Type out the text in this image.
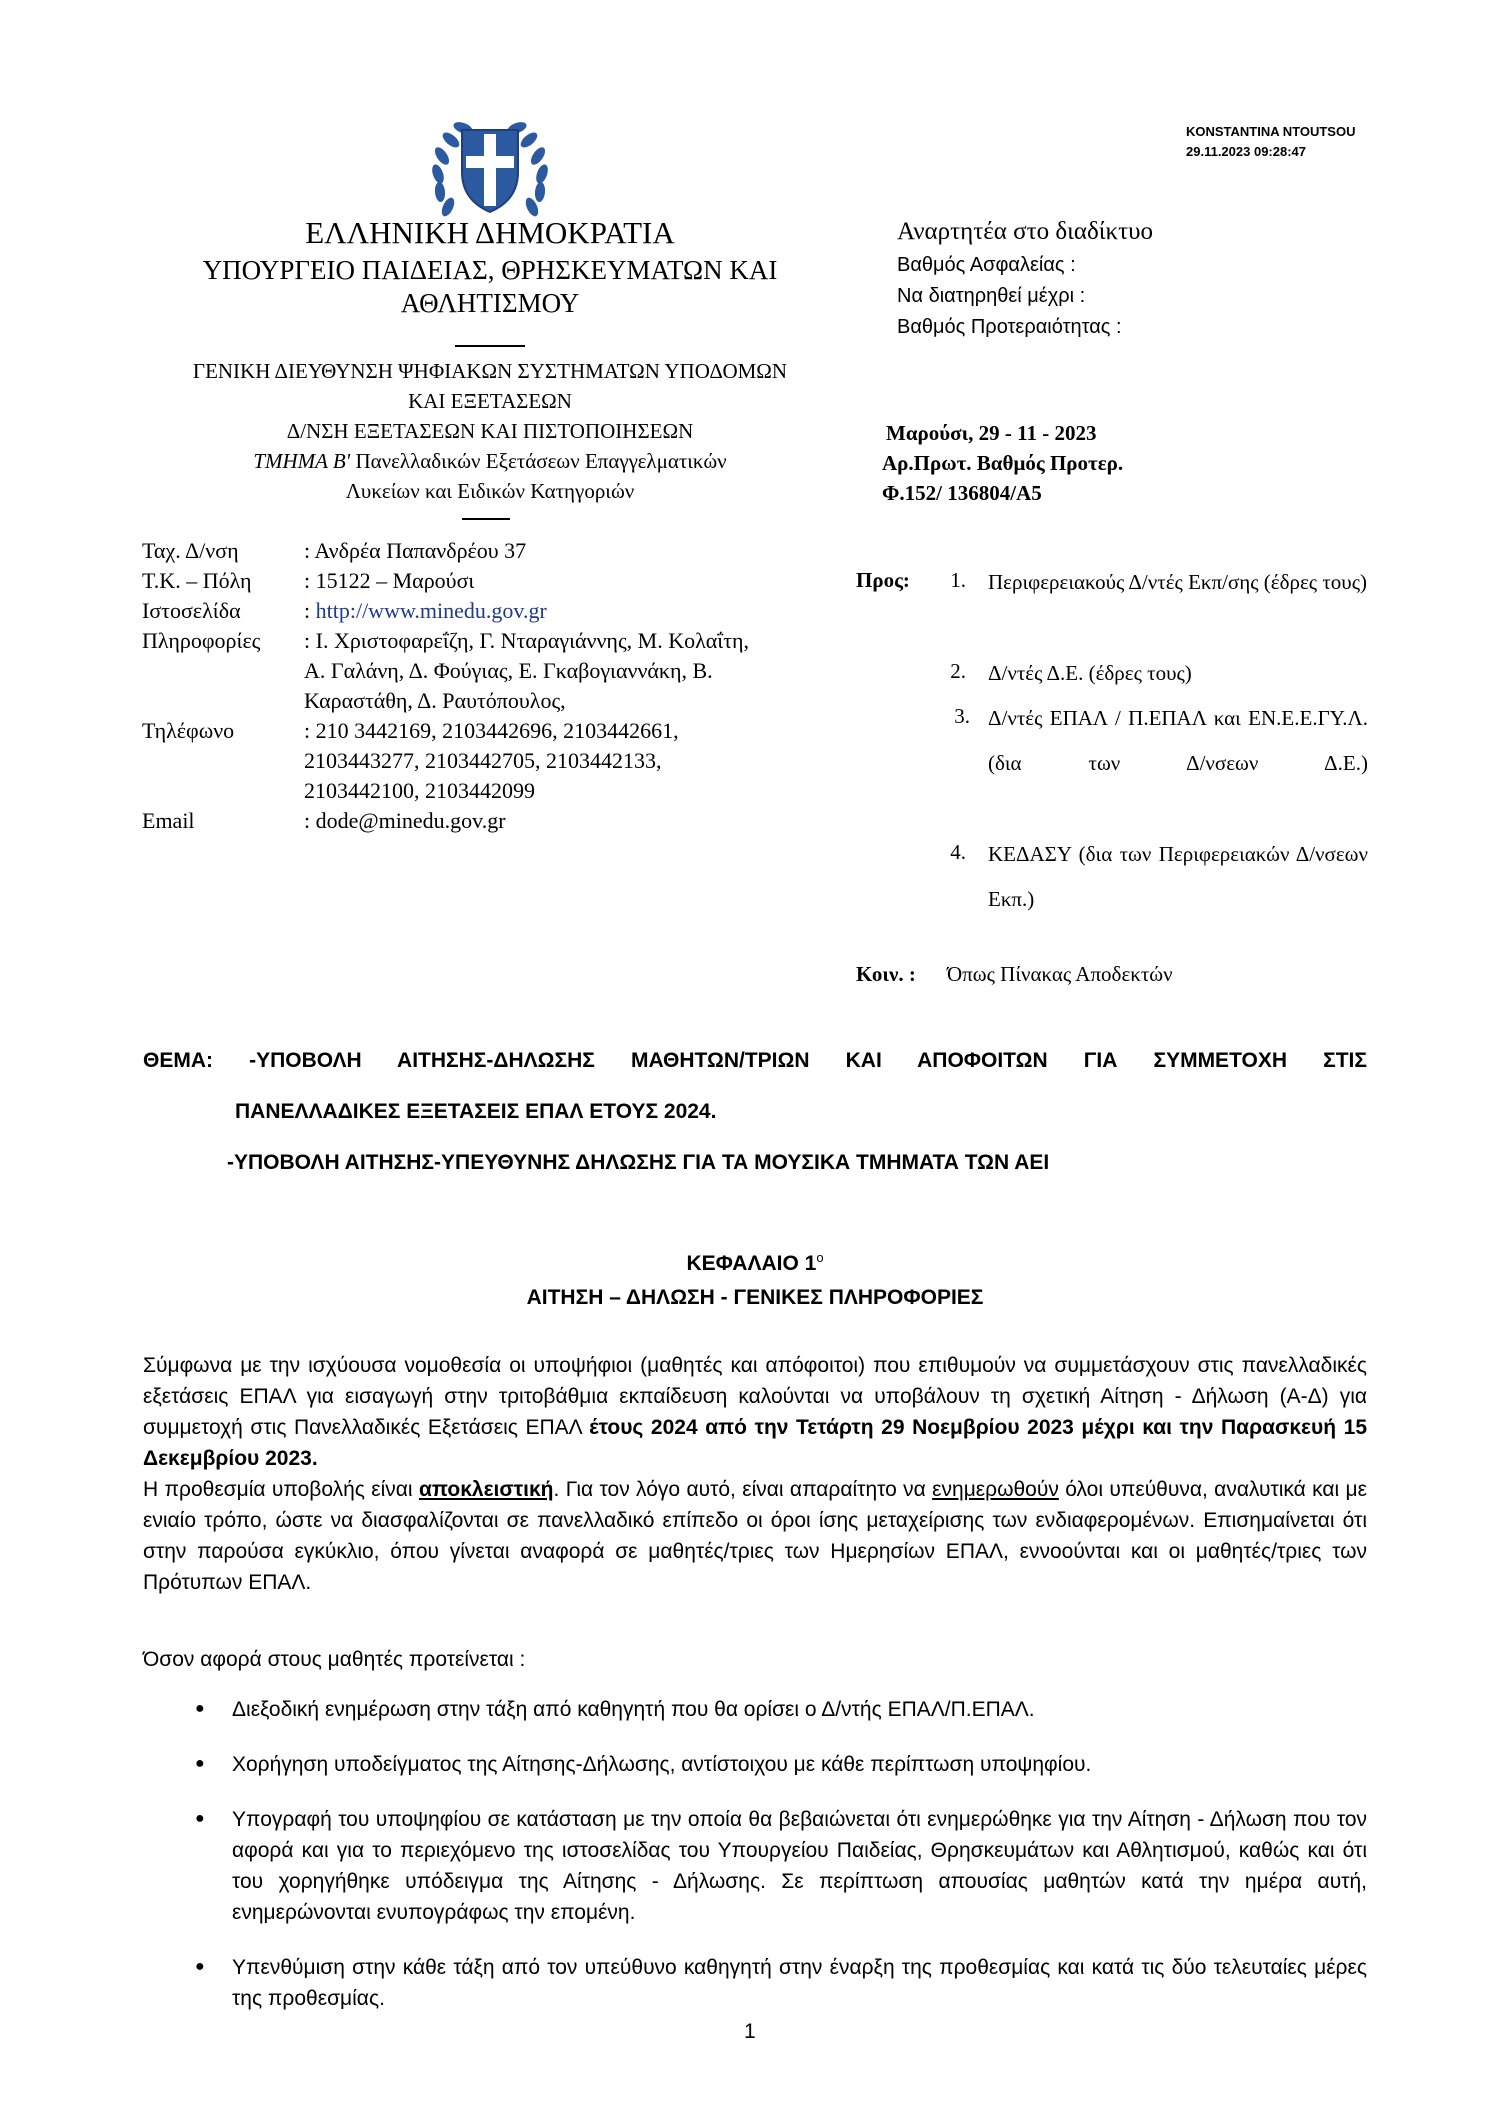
KONSTANTINA NTOUTSOU
29.11.2023 09:28:47
ΕΛΛΗΝΙΚΗ ΔΗΜΟΚΡΑΤΙΑ
ΥΠΟΥΡΓΕΙΟ ΠΑΙΔΕΙΑΣ, ΘΡΗΣΚΕΥΜΑΤΩΝ ΚΑΙ
ΑΘΛΗΤΙΣΜΟΥ
ΓΕΝΙΚΗ ΔΙΕΥΘΥΝΣΗ ΨΗΦΙΑΚΩΝ ΣΥΣΤΗΜΑΤΩΝ ΥΠΟΔΟΜΩΝ
ΚΑΙ ΕΞΕΤΑΣΕΩΝ
Δ/ΝΣΗ ΕΞΕΤΑΣΕΩΝ ΚΑΙ ΠΙΣΤΟΠΟΙΗΣΕΩΝ
ΤΜΗΜΑ Β' Πανελλαδικών Εξετάσεων Επαγγελματικών
Λυκείων και Ειδικών Κατηγοριών
Ταχ. Δ/νση	: Ανδρέα Παπανδρέου 37
Τ.Κ. – Πόλη : 15122 – Μαρούσι
Ιστοσελίδα	: http://www.minedu.gov.gr
Πληροφορίες : Ι. Χριστοφαρεΐζη, Γ. Νταραγιάννης, Μ. Κολαΐτη,
Α. Γαλάνη, Δ. Φούγιας, Ε. Γκαβογιαννάκη, Β.
Καραστάθη, Δ. Ραυτόπουλος,
Τηλέφωνο	: 210 3442169, 2103442696, 2103442661,
2103443277, 2103442705, 2103442133,
2103442100, 2103442099
Email	: dode@minedu.gov.gr
Αναρτητέα στο διαδίκτυο
Βαθμός Ασφαλείας :
Να διατηρηθεί μέχρι :
Βαθμός Προτεραιότητας :
Μαρούσι, 29 - 11 - 2023
Αρ.Πρωτ. Βαθμός Προτερ.
Φ.152/ 136804/Α5
Προς:	1. Περιφερειακούς Δ/ντές Εκπ/σης (έδρες τους)
2. Δ/ντές Δ.Ε. (έδρες τους)
3. Δ/ντές ΕΠΑΛ / Π.ΕΠΑΛ και ΕΝ.Ε.Ε.ΓΥ.Λ. (δια των Δ/νσεων Δ.Ε.)
4. ΚΕΔΑΣΥ (δια των Περιφερειακών Δ/νσεων Εκπ.)
Κοιν. : Όπως Πίνακας Αποδεκτών
ΘΕΜΑ: -ΥΠΟΒΟΛΗ ΑΙΤΗΣΗΣ-ΔΗΛΩΣΗΣ ΜΑΘΗΤΩΝ/ΤΡΙΩΝ ΚΑΙ ΑΠΟΦΟΙΤΩΝ ΓΙΑ ΣΥΜΜΕΤΟΧΗ ΣΤΙΣ
ΠΑΝΕΛΛΑΔΙΚΕΣ ΕΞΕΤΑΣΕΙΣ ΕΠΑΛ ΕΤΟΥΣ 2024.
-ΥΠΟΒΟΛΗ ΑΙΤΗΣΗΣ-ΥΠΕΥΘΥΝΗΣ ΔΗΛΩΣΗΣ ΓΙΑ ΤΑ ΜΟΥΣΙΚΑ ΤΜΗΜΑΤΑ ΤΩΝ ΑΕΙ
ΚΕΦΑΛΑΙΟ $1^o$
ΑΙΤΗΣΗ – ΔΗΛΩΣΗ - ΓΕΝΙΚΕΣ ΠΛΗΡΟΦΟΡΙΕΣ
Σύμφωνα με την ισχύουσα νομοθεσία οι υποψήφιοι (μαθητές και απόφοιτοι) που επιθυμούν να συμμετάσχουν στις πανελλαδικές εξετάσεις ΕΠΑΛ για εισαγωγή στην τριτοβάθμια εκπαίδευση καλούνται να υποβάλουν τη σχετική Αίτηση - Δήλωση (Α-Δ) για συμμετοχή στις Πανελλαδικές Εξετάσεις ΕΠΑΛ έτους 2024 από την Τετάρτη 29 Νοεμβρίου 2023 μέχρι και την Παρασκευή 15 Δεκεμβρίου 2023.
Η προθεσμία υποβολής είναι αποκλειστική. Για τον λόγο αυτό, είναι απαραίτητο να ενημερωθούν όλοι υπεύθυνα, αναλυτικά και με ενιαίο τρόπο, ώστε να διασφαλίζονται σε πανελλαδικό επίπεδο οι όροι ίσης μεταχείρισης των ενδιαφερομένων. Επισημαίνεται ότι στην παρούσα εγκύκλιο, όπου γίνεται αναφορά σε μαθητές/τριες των Ημερησίων ΕΠΑΛ, εννοούνται και οι μαθητές/τριες των Πρότυπων ΕΠΑΛ.
Όσον αφορά στους μαθητές προτείνεται :
● Διεξοδική ενημέρωση στην τάξη από καθηγητή που θα ορίσει ο Δ/ντής ΕΠΑΛ/Π.ΕΠΑΛ.
● Χορήγηση υποδείγματος της Αίτησης-Δήλωσης, αντίστοιχου με κάθε περίπτωση υποψηφίου.
● Υπογραφή του υποψηφίου σε κατάσταση με την οποία θα βεβαιώνεται ότι ενημερώθηκε για την Αίτηση - Δήλωση που τον αφορά και για το περιεχόμενο της ιστοσελίδας του Υπουργείου Παιδείας, Θρησκευμάτων και Αθλητισμού, καθώς και ότι του χορηγήθηκε υπόδειγμα της Αίτησης - Δήλωσης. Σε περίπτωση απουσίας μαθητών κατά την ημέρα αυτή, ενημερώνονται ενυπογράφως την επομένη.
● Υπενθύμιση στην κάθε τάξη από τον υπεύθυνο καθηγητή στην έναρξη της προθεσμίας και κατά τις δύο τελευταίες μέρες της προθεσμίας.
1
